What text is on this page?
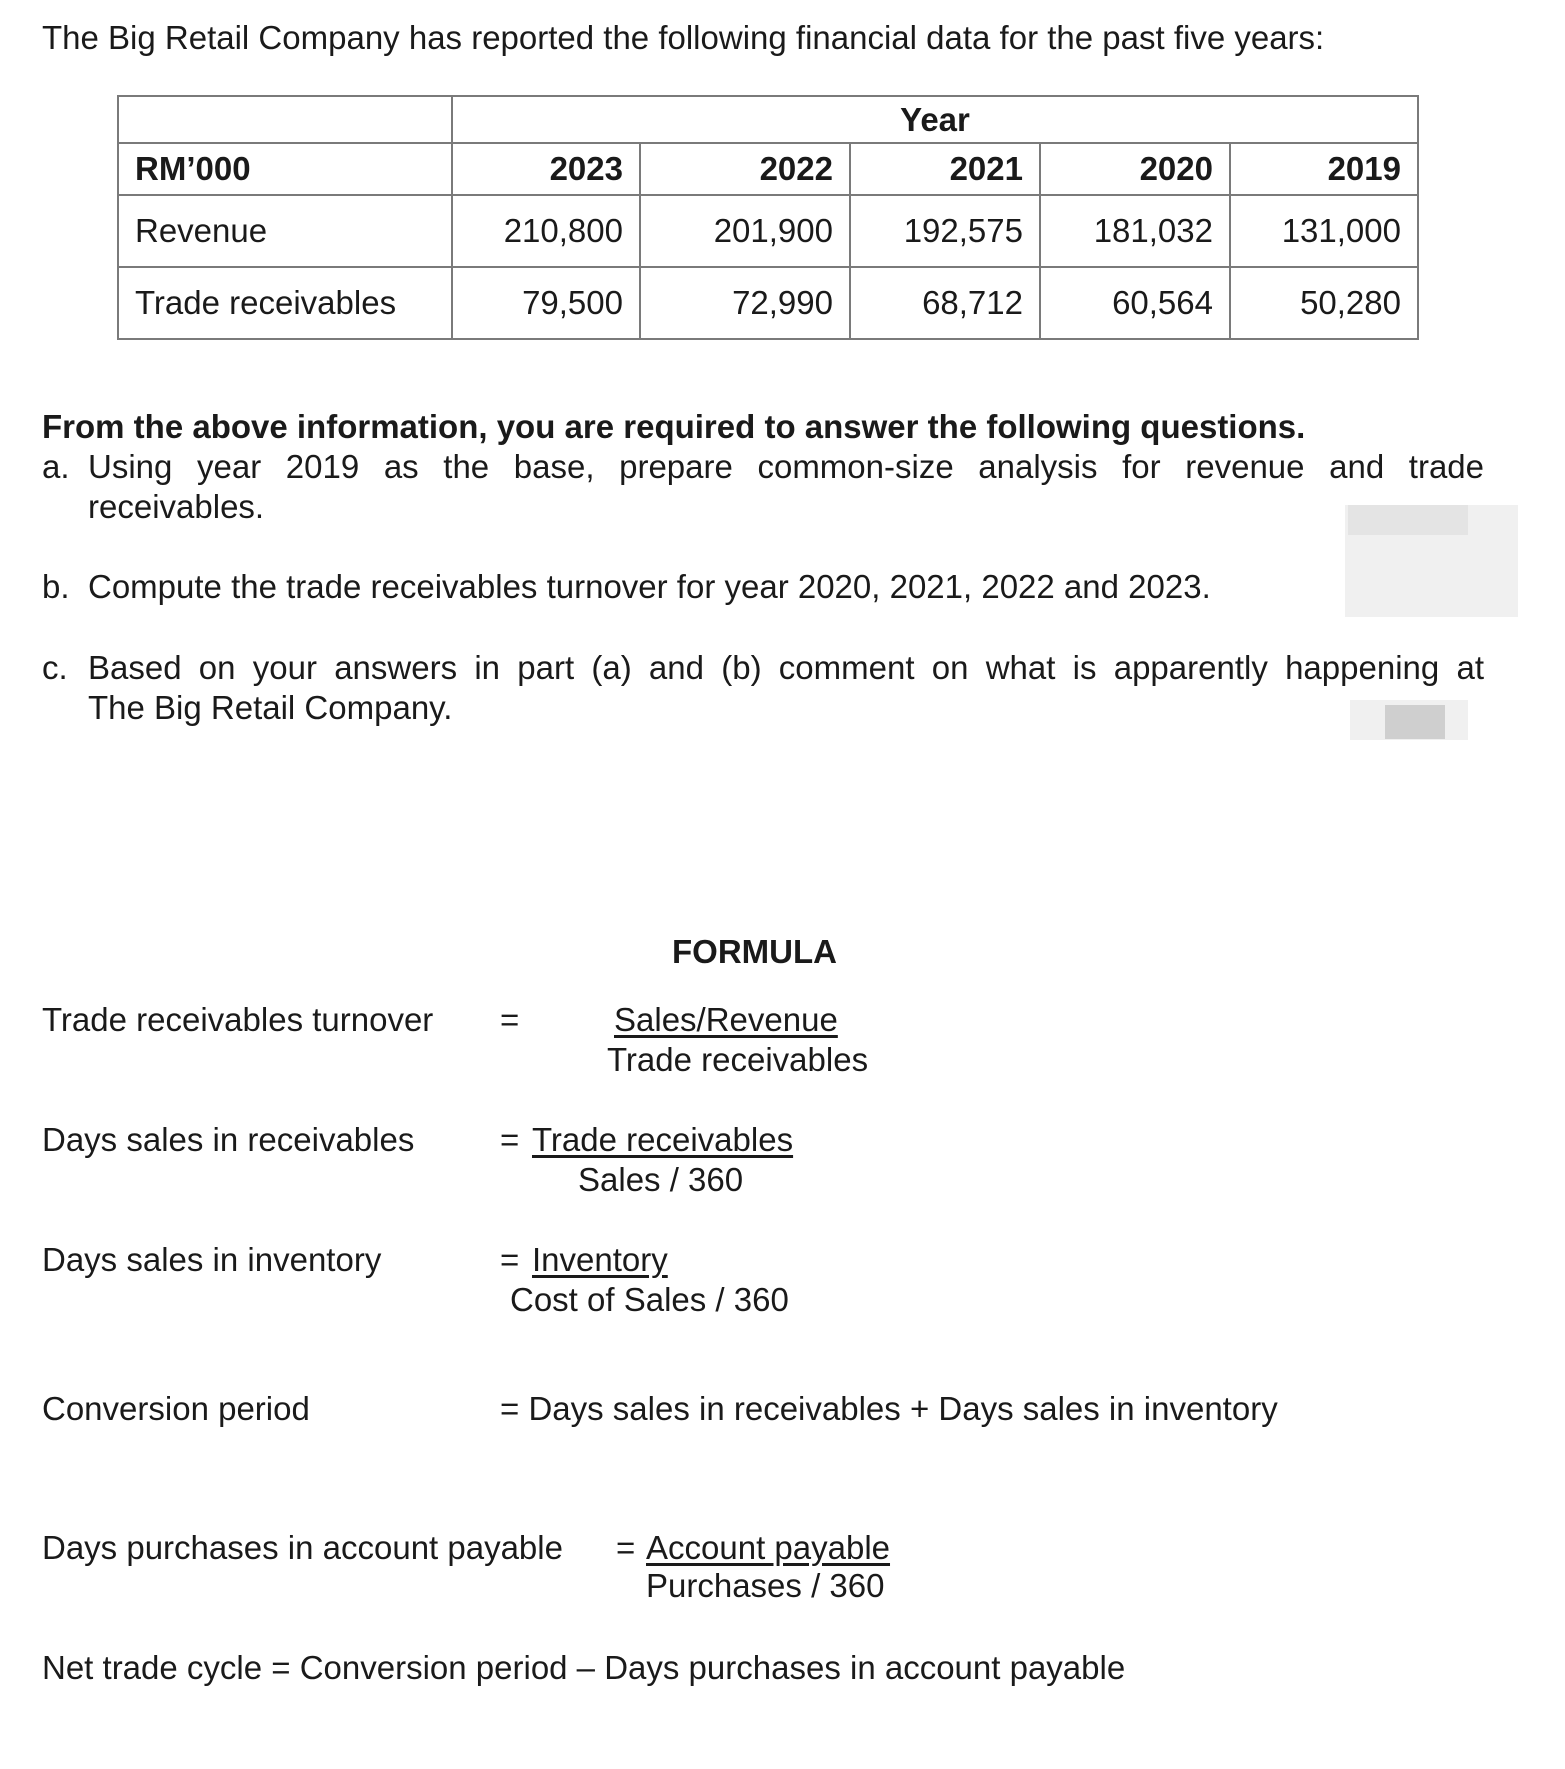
The Big Retail Company has reported the following financial data for the past five years:
	Year				
RM’000	2023	2022	2021	2020	2019
Revenue	210,800	201,900	192,575	181,032	131,000
Trade receivables	79,500	72,990	68,712	60,564	50,280
From the above information, you are required to answer the following questions.
a. Using year 2019 as the base, prepare common-size analysis for revenue and trade
receivables.
b. Compute the trade receivables turnover for year 2020, 2021, 2022 and 2023.
c. Based on your answers in part (a) and (b) comment on what is apparently happening at
The Big Retail Company.
FORMULA
Trade receivables turnover =	Sales/Revenue
Trade receivables
Days sales in receivables	= Trade receivables
Sales / 360
Days sales in inventory	= Inventory
Cost of Sales / 360
Conversion period	= Days sales in receivables + Days sales in inventory
Days purchases in account payable = Account payable
Purchases / 360
Net trade cycle = Conversion period – Days purchases in account payable
